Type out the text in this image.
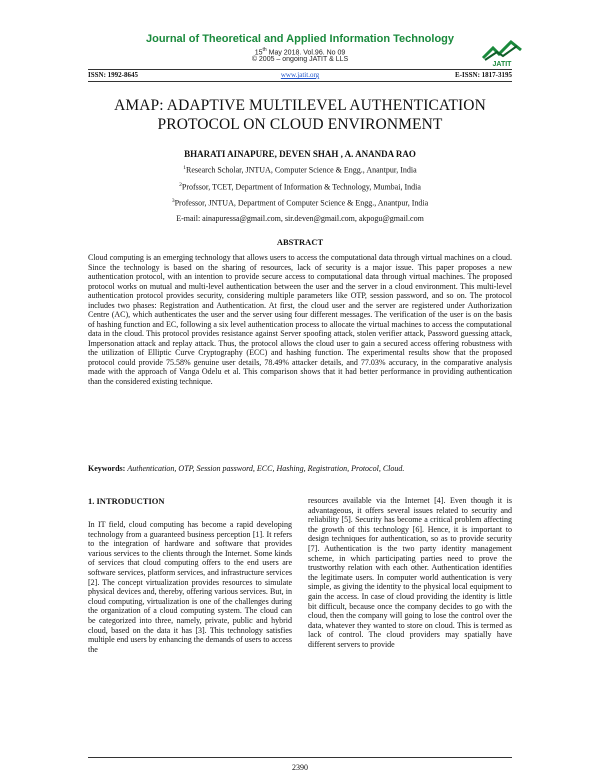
Journal of Theoretical and Applied Information Technology
15th May 2018. Vol.96. No 09
© 2005 – ongoing JATIT & LLS
JATIT
ISSN: 1992-8645	www.jatit.org	E-ISSN: 1817-3195
AMAP: ADAPTIVE MULTILEVEL AUTHENTICATION
PROTOCOL ON CLOUD ENVIRONMENT
BHARATI AINAPURE, DEVEN SHAH , A. ANANDA RAO
$^1$Research Scholar, JNTUA, Computer Science & Engg., Anantpur, India
$^2$Profssor, TCET, Department of Information & Technology, Mumbai, India
$^3$Professor, JNTUA, Department of Computer Science & Engg., Anantpur, India
E-mail: ainapuressa@gmail.com, sir.deven@gmail.com, akpogu@gmail.com
ABSTRACT
Cloud computing is an emerging technology that allows users to access the computational data through virtual machines on a cloud. Since the technology is based on the sharing of resources, lack of security is a major issue. This paper proposes a new authentication protocol, with an intention to provide secure access to computational data through virtual machines. The proposed protocol works on mutual and multi-level authentication between the user and the server in a cloud environment. This multi-level authentication protocol provides security, considering multiple parameters like OTP, session password, and so on. The protocol includes two phases: Registration and Authentication. At first, the cloud user and the server are registered under Authorization Centre (AC), which authenticates the user and the server using four different messages. The verification of the user is on the basis of hashing function and EC, following a six level authentication process to allocate the virtual machines to access the computational data in the cloud. This protocol provides resistance against Server spoofing attack, stolen verifier attack, Password guessing attack, Impersonation attack and replay attack. Thus, the protocol allows the cloud user to gain a secured access offering robustness with the utilization of Elliptic Curve Cryptography (ECC) and hashing function. The experimental results show that the proposed protocol could provide 75.58% genuine user details, 78.49% attacker details, and 77.03% accuracy, in the comparative analysis made with the approach of Vanga Odelu et al. This comparison shows that it had better performance in providing authentication than the considered existing technique.
Keywords: Authentication, OTP, Session password, ECC, Hashing, Registration, Protocol, Cloud.
1. INTRODUCTION
In IT field, cloud computing has become a rapid developing technology from a guaranteed business perception [1]. It refers to the integration of hardware and software that provides various services to the clients through the Internet. Some kinds of services that cloud computing offers to the end users are software services, platform services, and infrastructure services [2]. The concept virtualization provides resources to simulate physical devices and, thereby, offering various services. But, in cloud computing, virtualization is one of the challenges during the organization of a cloud computing system. The cloud can be categorized into three, namely, private, public and hybrid cloud, based on the data it has [3]. This technology satisfies multiple end users by enhancing the demands of users to access the
resources available via the Internet [4]. Even though it is advantageous, it offers several issues related to security and reliability [5]. Security has become a critical problem affecting the growth of this technology [6]. Hence, it is important to design techniques for authentication, so as to provide security [7]. Authentication is the two party identity management scheme, in which participating parties need to prove the trustworthy relation with each other. Authentication identifies the legitimate users. In computer world authentication is very simple, as giving the identity to the physical local equipment to gain the access. In case of cloud providing the identity is little bit difficult, because once the company decides to go with the cloud, then the company will going to lose the control over the data, whatever they wanted to store on cloud. This is termed as lack of control. The cloud providers may spatially have different servers to provide
2390
